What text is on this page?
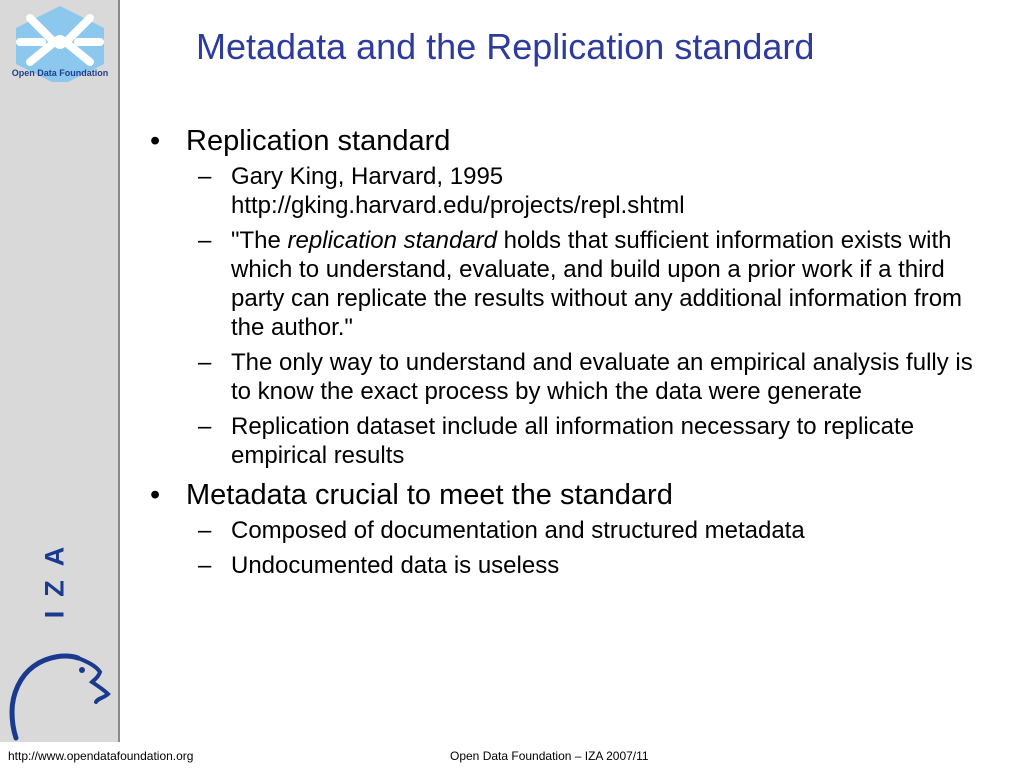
Open Data Foundation
IZA
Metadata and the Replication standard
• Replication standard
– Gary King, Harvard, 1995
http://gking.harvard.edu/projects/repl.shtml
– "The replication standard holds that sufficient information exists with which to understand, evaluate, and build upon a prior work if a third party can replicate the results without any additional information from the author."
– The only way to understand and evaluate an empirical analysis fully is to know the exact process by which the data were generate
– Replication dataset include all information necessary to replicate empirical results
• Metadata crucial to meet the standard
– Composed of documentation and structured metadata
– Undocumented data is useless
http://www.opendatafoundation.org	Open Data Foundation – IZA 2007/11
